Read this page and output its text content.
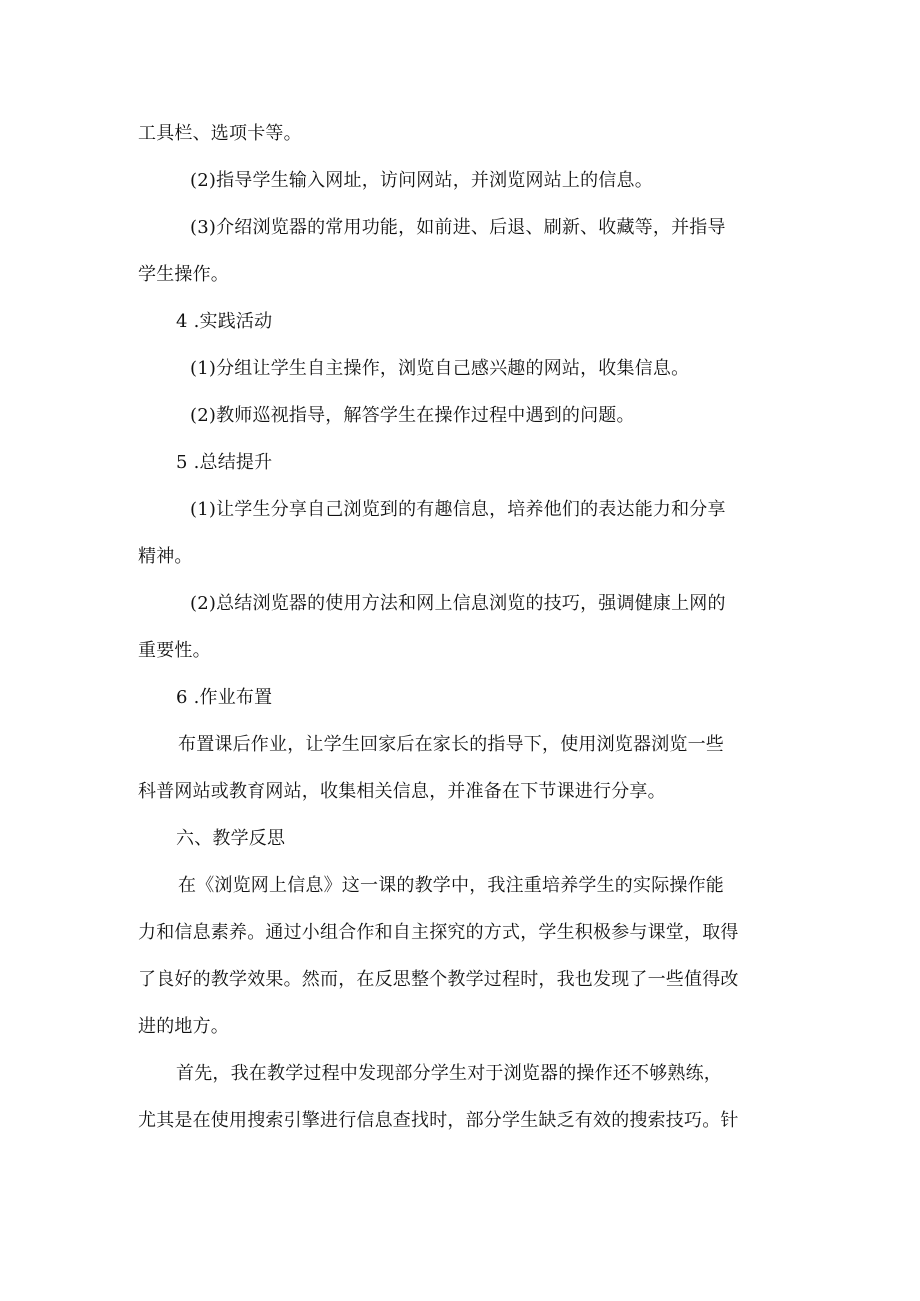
工具栏、选项卡等。

(2)指导学生输入网址，访问网站，并浏览网站上的信息。

(3)介绍浏览器的常用功能，如前进、后退、刷新、收藏等，并指导
学生操作。

4 .实践活动

(1)分组让学生自主操作，浏览自己感兴趣的网站，收集信息。

(2)教师巡视指导，解答学生在操作过程中遇到的问题。

5 .总结提升

(1)让学生分享自己浏览到的有趣信息，培养他们的表达能力和分享
精神。

(2)总结浏览器的使用方法和网上信息浏览的技巧，强调健康上网的
重要性。

6 .作业布置

布置课后作业，让学生回家后在家长的指导下，使用浏览器浏览一些
科普网站或教育网站，收集相关信息，并准备在下节课进行分享。

六、教学反思

在《浏览网上信息》这一课的教学中，我注重培养学生的实际操作能
力和信息素养。通过小组合作和自主探究的方式，学生积极参与课堂，取得
了良好的教学效果。然而，在反思整个教学过程时，我也发现了一些值得改
进的地方。

首先，我在教学过程中发现部分学生对于浏览器的操作还不够熟练，
尤其是在使用搜索引擎进行信息查找时，部分学生缺乏有效的搜索技巧。针
